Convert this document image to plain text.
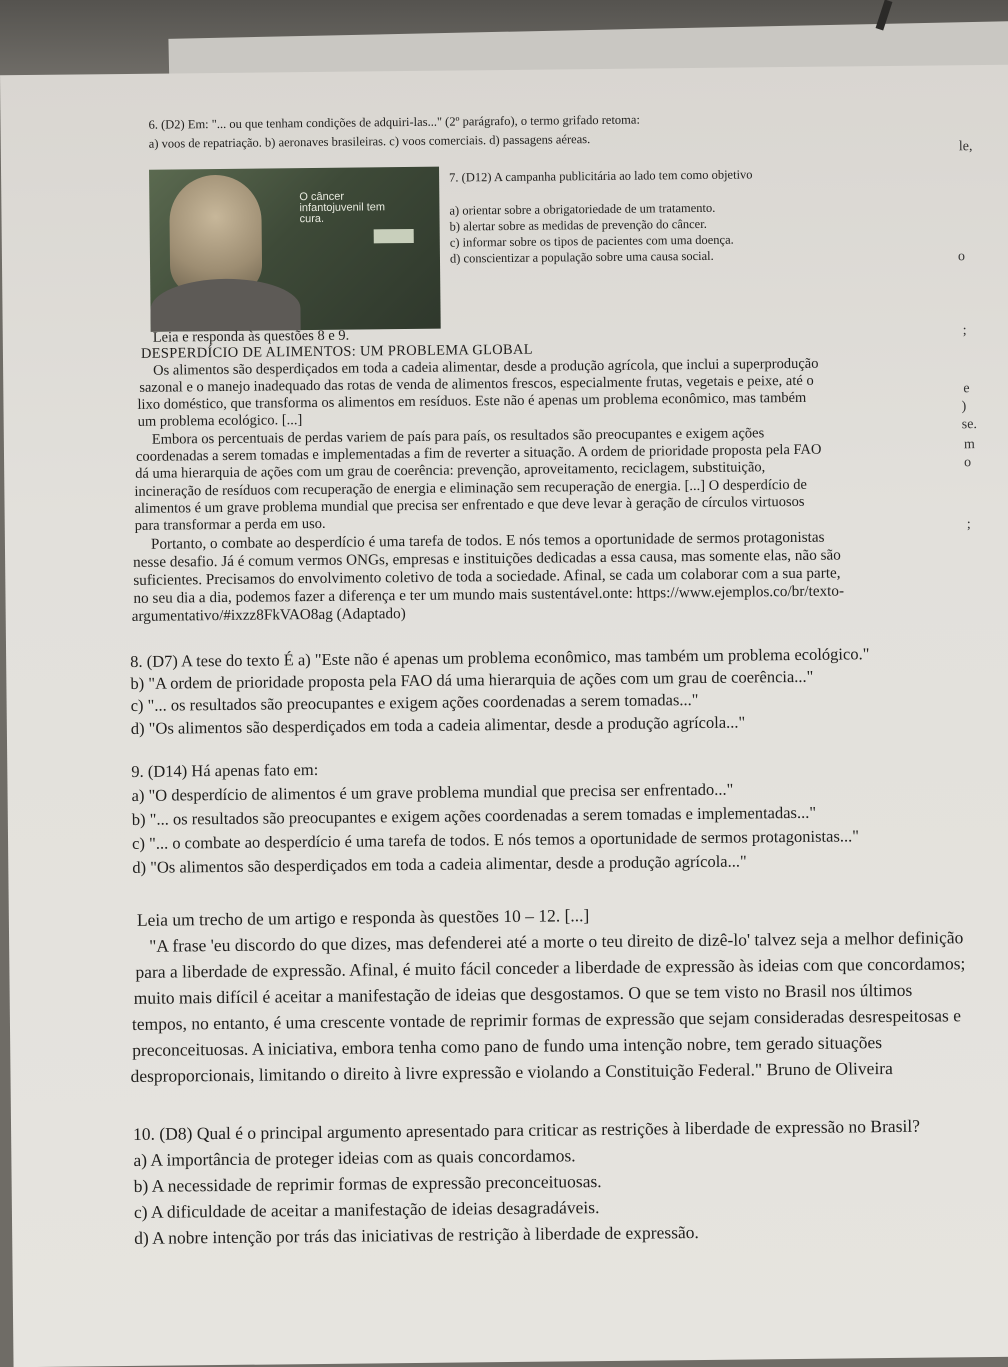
6. (D2) Em: "... ou que tenham condições de adquiri-las..." (2º parágrafo), o termo grifado retoma:
a) voos de repatriação. b) aeronaves brasileiras. c) voos comerciais. d) passagens aéreas.
O câncer infantojuvenil tem cura.
7. (D12) A campanha publicitária ao lado tem como objetivo
a) orientar sobre a obrigatoriedade de um tratamento.
b) alertar sobre as medidas de prevenção do câncer.
c) informar sobre os tipos de pacientes com uma doença.
d) conscientizar a população sobre uma causa social.
Leia e responda às questões 8 e 9.
DESPERDÍCIO DE ALIMENTOS: UM PROBLEMA GLOBAL
Os alimentos são desperdiçados em toda a cadeia alimentar, desde a produção agrícola, que inclui a superprodução
sazonal e o manejo inadequado das rotas de venda de alimentos frescos, especialmente frutas, vegetais e peixe, até o
lixo doméstico, que transforma os alimentos em resíduos. Este não é apenas um problema econômico, mas também
um problema ecológico. [...]
Embora os percentuais de perdas variem de país para país, os resultados são preocupantes e exigem ações
coordenadas a serem tomadas e implementadas a fim de reverter a situação. A ordem de prioridade proposta pela FAO
dá uma hierarquia de ações com um grau de coerência: prevenção, aproveitamento, reciclagem, substituição,
incineração de resíduos com recuperação de energia e eliminação sem recuperação de energia. [...] O desperdício de
alimentos é um grave problema mundial que precisa ser enfrentado e que deve levar à geração de círculos virtuosos
para transformar a perda em uso.
Portanto, o combate ao desperdício é uma tarefa de todos. E nós temos a oportunidade de sermos protagonistas
nesse desafio. Já é comum vermos ONGs, empresas e instituições dedicadas a essa causa, mas somente elas, não são
suficientes. Precisamos do envolvimento coletivo de toda a sociedade. Afinal, se cada um colaborar com a sua parte,
no seu dia a dia, podemos fazer a diferença e ter um mundo mais sustentável.onte: https://www.ejemplos.co/br/texto-
argumentativo/#ixzz8FkVAO8ag (Adaptado)
8. (D7) A tese do texto É a) "Este não é apenas um problema econômico, mas também um problema ecológico."
b) "A ordem de prioridade proposta pela FAO dá uma hierarquia de ações com um grau de coerência..."
c) "... os resultados são preocupantes e exigem ações coordenadas a serem tomadas..."
d) "Os alimentos são desperdiçados em toda a cadeia alimentar, desde a produção agrícola..."
9. (D14) Há apenas fato em:
a) "O desperdício de alimentos é um grave problema mundial que precisa ser enfrentado..."
b) "... os resultados são preocupantes e exigem ações coordenadas a serem tomadas e implementadas..."
c) "... o combate ao desperdício é uma tarefa de todos. E nós temos a oportunidade de sermos protagonistas..."
d) "Os alimentos são desperdiçados em toda a cadeia alimentar, desde a produção agrícola..."
Leia um trecho de um artigo e responda às questões 10 – 12. [...]
"A frase 'eu discordo do que dizes, mas defenderei até a morte o teu direito de dizê-lo' talvez seja a melhor definição
para a liberdade de expressão. Afinal, é muito fácil conceder a liberdade de expressão às ideias com que concordamos;
muito mais difícil é aceitar a manifestação de ideias que desgostamos. O que se tem visto no Brasil nos últimos
tempos, no entanto, é uma crescente vontade de reprimir formas de expressão que sejam consideradas desrespeitosas e
preconceituosas. A iniciativa, embora tenha como pano de fundo uma intenção nobre, tem gerado situações
desproporcionais, limitando o direito à livre expressão e violando a Constituição Federal." Bruno de Oliveira
10. (D8) Qual é o principal argumento apresentado para criticar as restrições à liberdade de expressão no Brasil?
a) A importância de proteger ideias com as quais concordamos.
b) A necessidade de reprimir formas de expressão preconceituosas.
c) A dificuldade de aceitar a manifestação de ideias desagradáveis.
d) A nobre intenção por trás das iniciativas de restrição à liberdade de expressão.
le,
o
;
e
)
se.
m
o
;
